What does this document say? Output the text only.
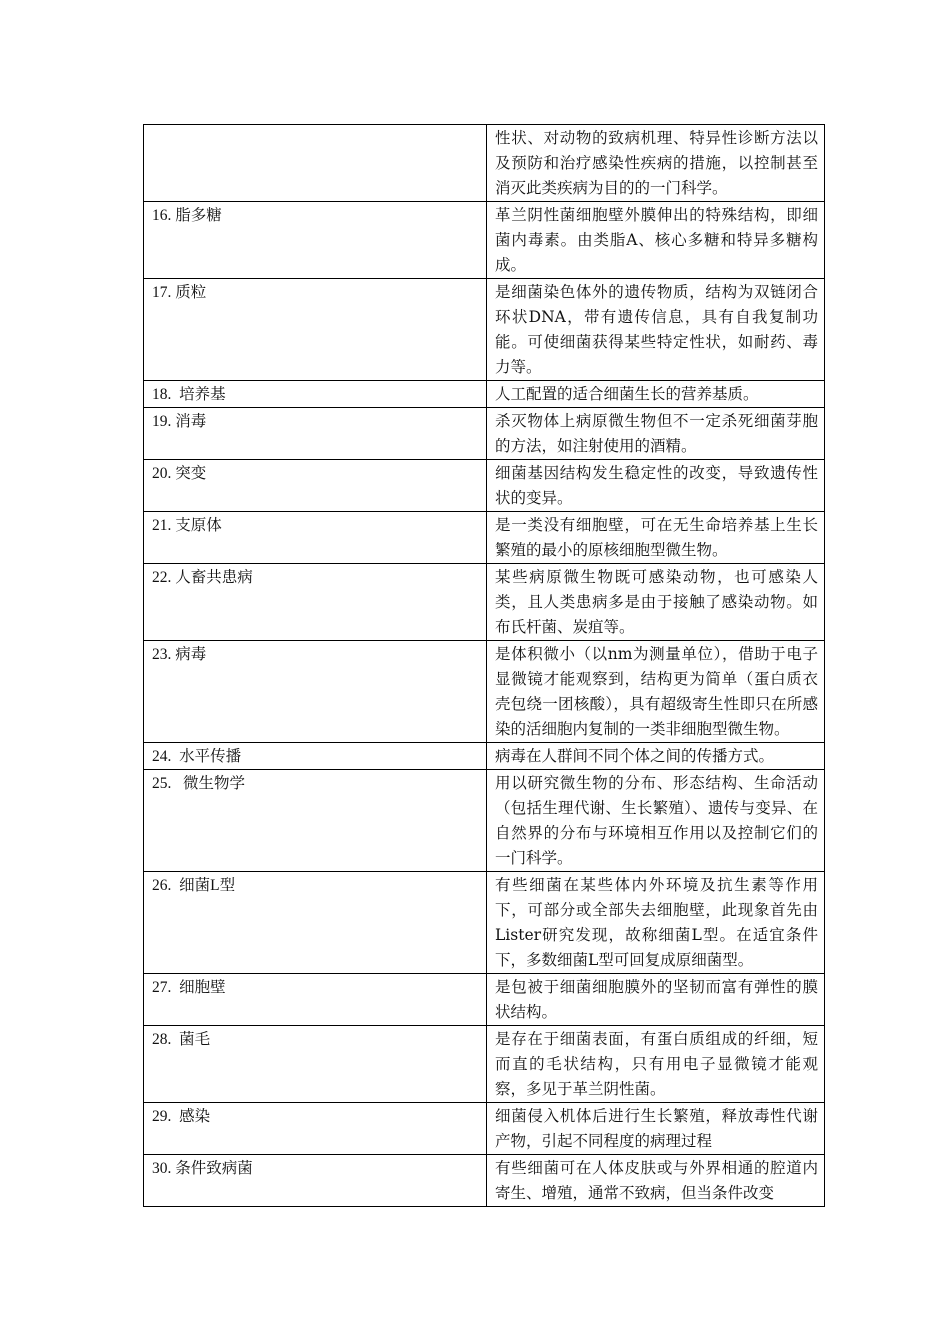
	性状、对动物的致病机理、特异性诊断方法以及预防和治疗感染性疾病的措施，以控制甚至消灭此类疾病为目的的一门科学。
16. 脂多糖	革兰阴性菌细胞壁外膜伸出的特殊结构，即细菌内毒素。由类脂A、核心多糖和特异多糖构成。
17. 质粒	是细菌染色体外的遗传物质，结构为双链闭合环状DNA，带有遗传信息，具有自我复制功能。可使细菌获得某些特定性状，如耐药、毒力等。
18.  培养基	人工配置的适合细菌生长的营养基质。
19. 消毒	杀灭物体上病原微生物但不一定杀死细菌芽胞的方法，如注射使用的酒精。
20. 突变	细菌基因结构发生稳定性的改变，导致遗传性状的变异。
21. 支原体	是一类没有细胞壁，可在无生命培养基上生长繁殖的最小的原核细胞型微生物。
22. 人畜共患病	某些病原微生物既可感染动物，也可感染人类，且人类患病多是由于接触了感染动物。如布氏杆菌、炭疽等。
23. 病毒	是体积微小（以nm为测量单位），借助于电子显微镜才能观察到，结构更为简单（蛋白质衣壳包绕一团核酸），具有超级寄生性即只在所感染的活细胞内复制的一类非细胞型微生物。
24.  水平传播	病毒在人群间不同个体之间的传播方式。
25.   微生物学	用以研究微生物的分布、形态结构、生命活动（包括生理代谢、生长繁殖）、遗传与变异、在自然界的分布与环境相互作用以及控制它们的一门科学。
26.  细菌L型	有些细菌在某些体内外环境及抗生素等作用下，可部分或全部失去细胞壁，此现象首先由Lister研究发现，故称细菌L型。在适宜条件下，多数细菌L型可回复成原细菌型。
27.  细胞壁	是包被于细菌细胞膜外的坚韧而富有弹性的膜状结构。
28.  菌毛	是存在于细菌表面，有蛋白质组成的纤细，短而直的毛状结构，只有用电子显微镜才能观察，多见于革兰阴性菌。
29.  感染	细菌侵入机体后进行生长繁殖，释放毒性代谢产物，引起不同程度的病理过程
30. 条件致病菌	有些细菌可在人体皮肤或与外界相通的腔道内寄生、增殖，通常不致病，但当条件改变
